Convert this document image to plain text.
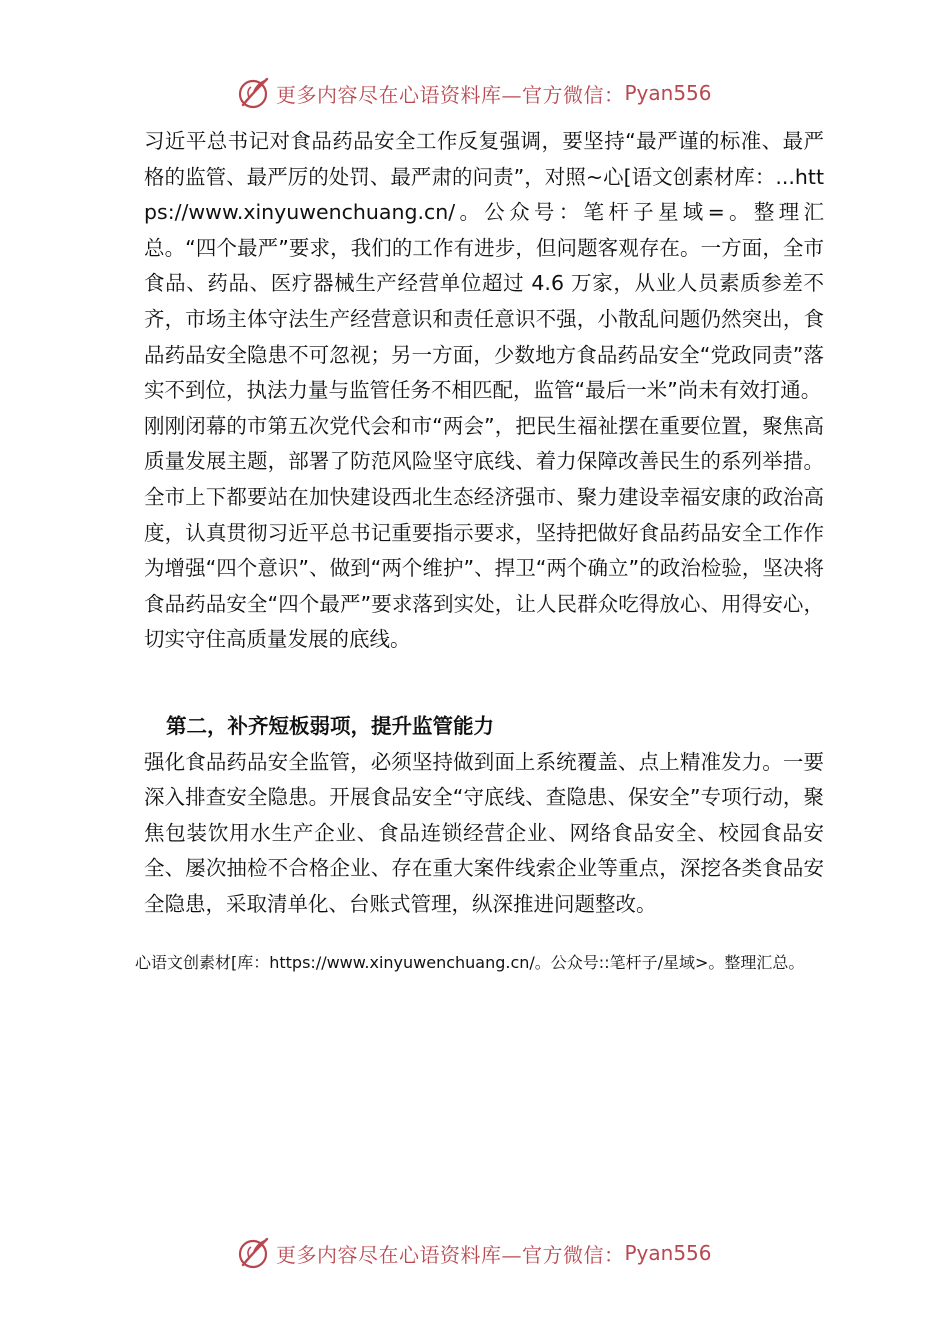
更多内容尽在心语资料库—官方微信： Pyan556

习近平总书记对食品药品安全工作反复强调，要坚持“最严谨的标准、最严格的监管、最严厉的处罚、最严肃的问责”，对照~心[语文创素材库：...https://www.xinyuwenchuang.cn/。公众号：笔杆子星域=。整理汇总。“四个最严”要求，我们的工作有进步，但问题客观存在。一方面，全市食品、药品、医疗器械生产经营单位超过 4.6 万家，从业人员素质参差不齐，市场主体守法生产经营意识和责任意识不强，小散乱问题仍然突出，食品药品安全隐患不可忽视；另一方面，少数地方食品药品安全“党政同责”落实不到位，执法力量与监管任务不相匹配，监管“最后一米”尚未有效打通。

刚刚闭幕的市第五次党代会和市“两会”，把民生福祉摆在重要位置，聚焦高质量发展主题，部署了防范风险坚守底线、着力保障改善民生的系列举措。全市上下都要站在加快建设西北生态经济强市、聚力建设幸福安康的政治高度，认真贯彻习近平总书记重要指示要求，坚持把做好食品药品安全工作作为增强“四个意识”、做到“两个维护”、捍卫“两个确立”的政治检验，坚决将食品药品安全“四个最严”要求落到实处，让人民群众吃得放心、用得安心，切实守住高质量发展的底线。

第二，补齐短板弱项，提升监管能力

强化食品药品安全监管，必须坚持做到面上系统覆盖、点上精准发力。一要深入排查安全隐患。开展食品安全“守底线、查隐患、保安全”专项行动，聚焦包装饮用水生产企业、食品连锁经营企业、网络食品安全、校园食品安全、屡次抽检不合格企业、存在重大案件线索企业等重点，深挖各类食品安全隐患，采取清单化、台账式管理，纵深推进问题整改。

心语文创素材[库：https://www.xinyuwenchuang.cn/。公众号::笔杆子/星域>。整理汇总。
更多内容尽在心语资料库—官方微信： Pyan556
